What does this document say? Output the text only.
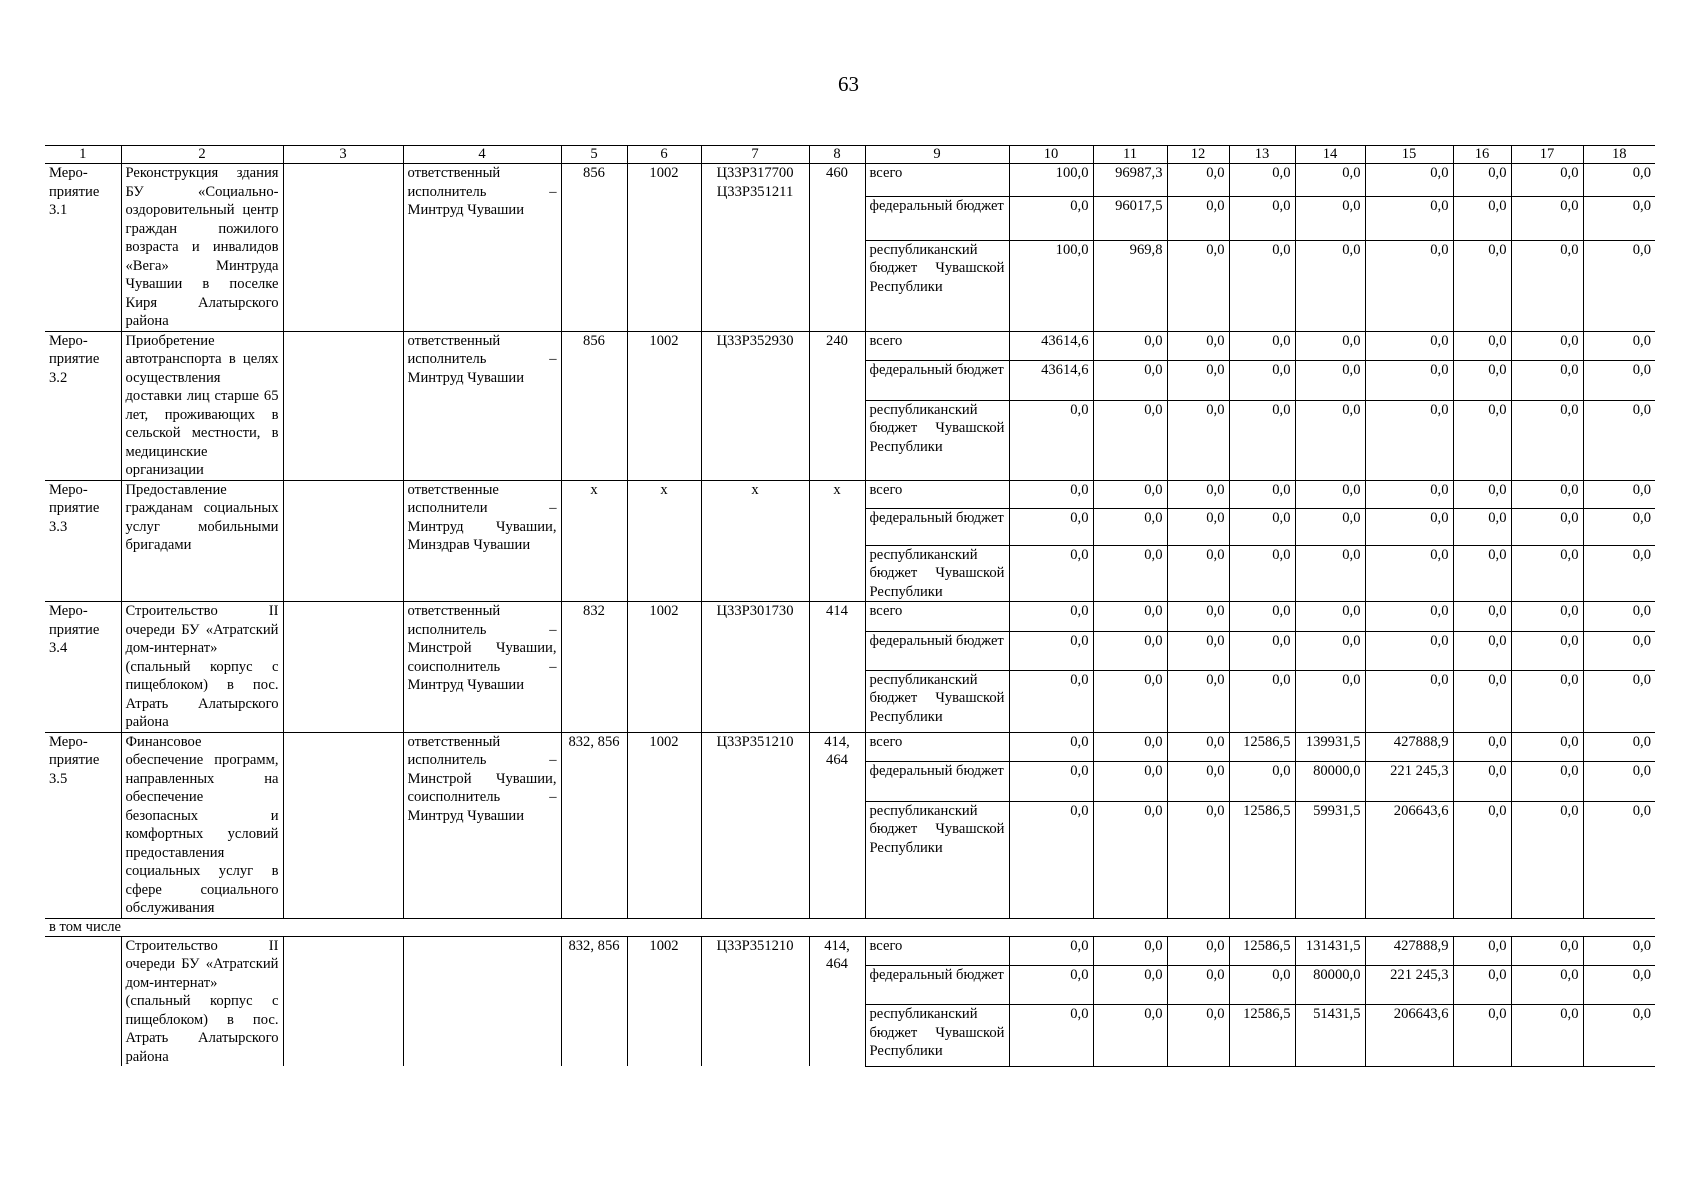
63
1	2	3	4	5	6	7	8	9	10	11	12	13	14	15	16	17	18
Меро-приятие 3.1	Реконструкция здания БУ «Социально-оздоровительный центр граждан пожилого возраста и инвалидов «Вега» Минтруда Чувашии в поселке Киря Алатырского района		ответственный исполнитель – Минтруд Чувашии	856	1002	Ц33Р317700 Ц33Р351211	460	всего	100,0	96987,3	0,0	0,0	0,0	0,0	0,0	0,0	0,0
								федеральный бюджет	0,0	96017,5	0,0	0,0	0,0	0,0	0,0	0,0	0,0
								республиканский бюджет Чувашской Республики	100,0	969,8	0,0	0,0	0,0	0,0	0,0	0,0	0,0
Меро-приятие 3.2	Приобретение автотранспорта в целях осуществления доставки лиц старше 65 лет, проживающих в сельской местности, в медицинские организации		ответственный исполнитель – Минтруд Чувашии	856	1002	Ц33Р352930	240	всего	43614,6	0,0	0,0	0,0	0,0	0,0	0,0	0,0	0,0
								федеральный бюджет	43614,6	0,0	0,0	0,0	0,0	0,0	0,0	0,0	0,0
								республиканский бюджет Чувашской Республики	0,0	0,0	0,0	0,0	0,0	0,0	0,0	0,0	0,0
Меро-приятие 3.3	Предоставление гражданам социальных услуг мобильными бригадами		ответственные исполнители – Минтруд Чувашии, Минздрав Чувашии	x	x	x	x	всего	0,0	0,0	0,0	0,0	0,0	0,0	0,0	0,0	0,0
								федеральный бюджет	0,0	0,0	0,0	0,0	0,0	0,0	0,0	0,0	0,0
								республиканский бюджет Чувашской Республики	0,0	0,0	0,0	0,0	0,0	0,0	0,0	0,0	0,0
Меро-приятие 3.4	Строительство II очереди БУ «Атратский дом-интернат» (спальный корпус с пищеблоком) в пос. Атрать Алатырского района		ответственный исполнитель – Минстрой Чувашии, соисполнитель – Минтруд Чувашии	832	1002	Ц33Р301730	414	всего	0,0	0,0	0,0	0,0	0,0	0,0	0,0	0,0	0,0
								федеральный бюджет	0,0	0,0	0,0	0,0	0,0	0,0	0,0	0,0	0,0
								республиканский бюджет Чувашской Республики	0,0	0,0	0,0	0,0	0,0	0,0	0,0	0,0	0,0
Меро-приятие 3.5	Финансовое обеспечение программ, направленных на обеспечение безопасных и комфортных условий предоставления социальных услуг в сфере социального обслуживания		ответственный исполнитель – Минстрой Чувашии, соисполнитель – Минтруд Чувашии	832, 856	1002	Ц33Р351210	414, 464	всего	0,0	0,0	0,0	12586,5	139931,5	427888,9	0,0	0,0	0,0
								федеральный бюджет	0,0	0,0	0,0	0,0	80000,0	221 245,3	0,0	0,0	0,0
								республиканский бюджет Чувашской Республики	0,0	0,0	0,0	12586,5	59931,5	206643,6	0,0	0,0	0,0
в том числе																	
	Строительство II очереди БУ «Атратский дом-интернат» (спальный корпус с пищеблоком) в пос. Атрать Алатырского района			832, 856	1002	Ц33Р351210	414, 464	всего	0,0	0,0	0,0	12586,5	131431,5	427888,9	0,0	0,0	0,0
								федеральный бюджет	0,0	0,0	0,0	0,0	80000,0	221 245,3	0,0	0,0	0,0
								республиканский бюджет Чувашской Республики	0,0	0,0	0,0	12586,5	51431,5	206643,6	0,0	0,0	0,0
